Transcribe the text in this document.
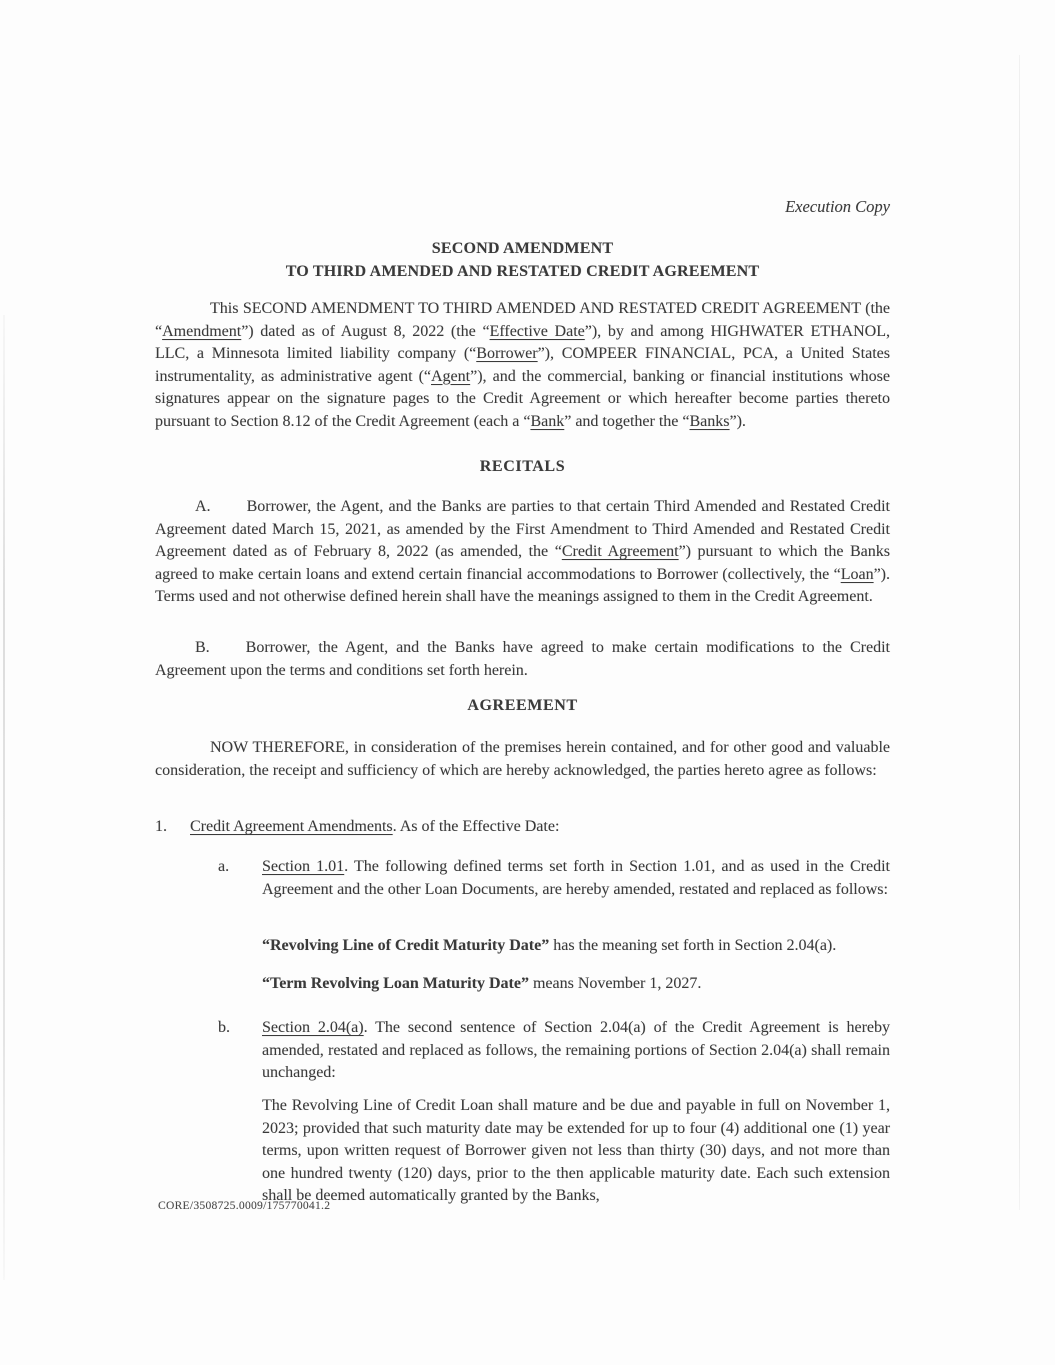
Execution Copy
SECOND AMENDMENT
TO THIRD AMENDED AND RESTATED CREDIT AGREEMENT

This SECOND AMENDMENT TO THIRD AMENDED AND RESTATED CREDIT AGREEMENT (the “Amendment”) dated as of August 8, 2022 (the “Effective Date”), by and among HIGHWATER ETHANOL, LLC, a Minnesota limited liability company (“Borrower”), COMPEER FINANCIAL, PCA, a United States instrumentality, as administrative agent (“Agent”), and the commercial, banking or financial institutions whose signatures appear on the signature pages to the Credit Agreement or which hereafter become parties thereto pursuant to Section 8.12 of the Credit Agreement (each a “Bank” and together the “Banks”).

RECITALS

A. Borrower, the Agent, and the Banks are parties to that certain Third Amended and Restated Credit Agreement dated March 15, 2021, as amended by the First Amendment to Third Amended and Restated Credit Agreement dated as of February 8, 2022 (as amended, the “Credit Agreement”) pursuant to which the Banks agreed to make certain loans and extend certain financial accommodations to Borrower (collectively, the “Loan”). Terms used and not otherwise defined herein shall have the meanings assigned to them in the Credit Agreement.

B. Borrower, the Agent, and the Banks have agreed to make certain modifications to the Credit Agreement upon the terms and conditions set forth herein.

AGREEMENT

NOW THEREFORE, in consideration of the premises herein contained, and for other good and valuable consideration, the receipt and sufficiency of which are hereby acknowledged, the parties hereto agree as follows:

1.	Credit Agreement Amendments. As of the Effective Date:
a.	Section 1.01. The following defined terms set forth in Section 1.01, and as used in the Credit Agreement and the other Loan Documents, are hereby amended, restated and replaced as follows:

“Revolving Line of Credit Maturity Date” has the meaning set forth in Section 2.04(a).

“Term Revolving Loan Maturity Date” means November 1, 2027.

b.	Section 2.04(a). The second sentence of Section 2.04(a) of the Credit Agreement is hereby amended, restated and replaced as follows, the remaining portions of Section 2.04(a) shall remain unchanged:

The Revolving Line of Credit Loan shall mature and be due and payable in full on November 1, 2023; provided that such maturity date may be extended for up to four (4) additional one (1) year terms, upon written request of Borrower given not less than thirty (30) days, and not more than one hundred twenty (120) days, prior to the then applicable maturity date. Each such extension shall be deemed automatically granted by the Banks,

CORE/3508725.0009/175770041.2
